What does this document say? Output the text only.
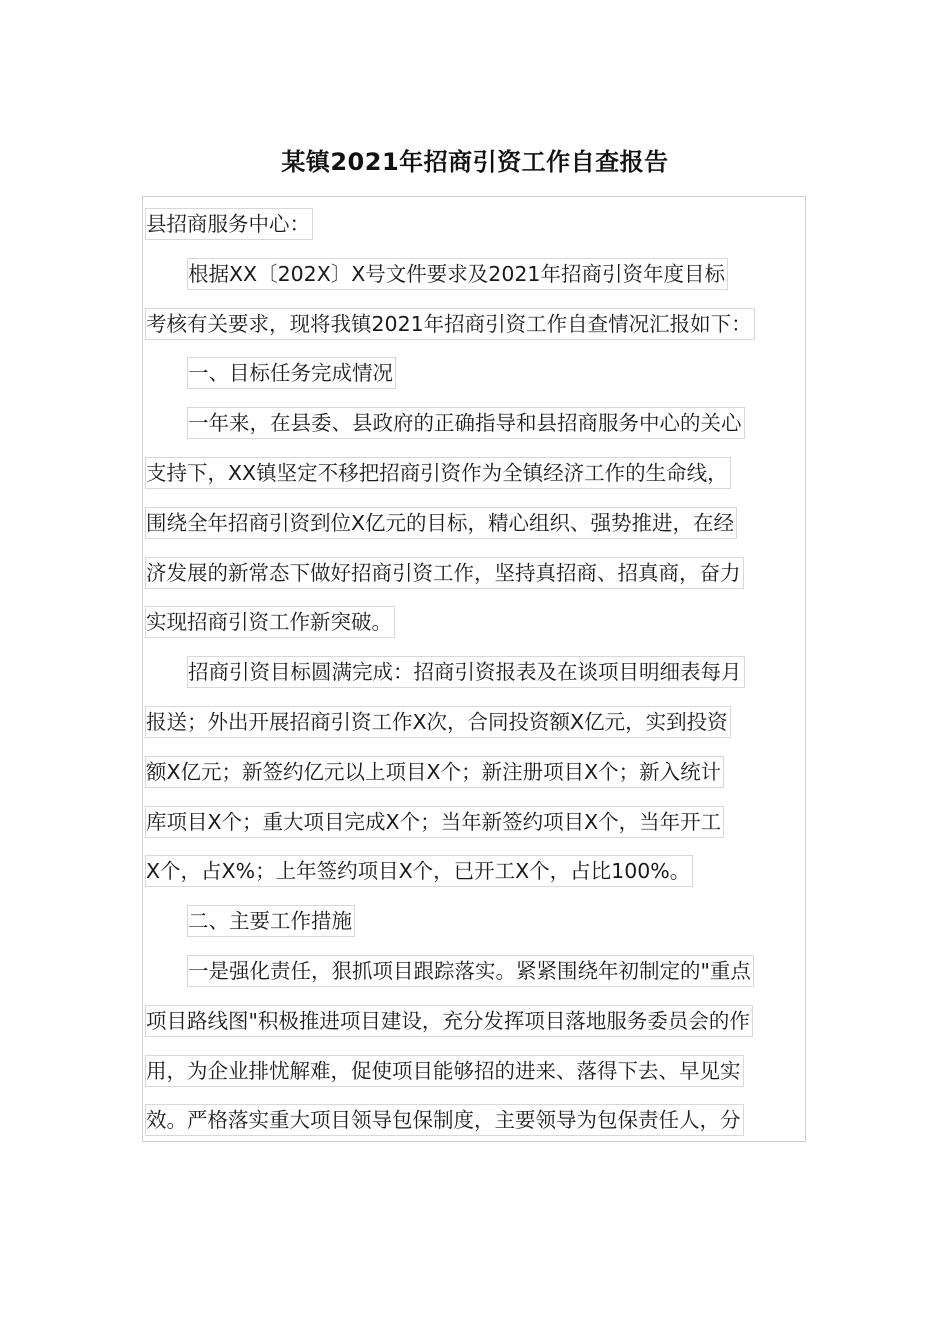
某镇2021年招商引资工作自查报告
县招商服务中心：
根据XX〔202X〕X号文件要求及2021年招商引资年度目标
考核有关要求，现将我镇2021年招商引资工作自查情况汇报如下：
一、目标任务完成情况
一年来，在县委、县政府的正确指导和县招商服务中心的关心
支持下，XX镇坚定不移把招商引资作为全镇经济工作的生命线，
围绕全年招商引资到位X亿元的目标，精心组织、强势推进，在经
济发展的新常态下做好招商引资工作，坚持真招商、招真商，奋力
实现招商引资工作新突破。
招商引资目标圆满完成：招商引资报表及在谈项目明细表每月
报送；外出开展招商引资工作X次，合同投资额X亿元，实到投资
额X亿元；新签约亿元以上项目X个；新注册项目X个；新入统计
库项目X个；重大项目完成X个；当年新签约项目X个，当年开工
X个，占X%；上年签约项目X个，已开工X个，占比100%。
二、主要工作措施
一是强化责任，狠抓项目跟踪落实。紧紧围绕年初制定的"重点
项目路线图"积极推进项目建设，充分发挥项目落地服务委员会的作
用，为企业排忧解难，促使项目能够招的进来、落得下去、早见实
效。严格落实重大项目领导包保制度，主要领导为包保责任人，分
